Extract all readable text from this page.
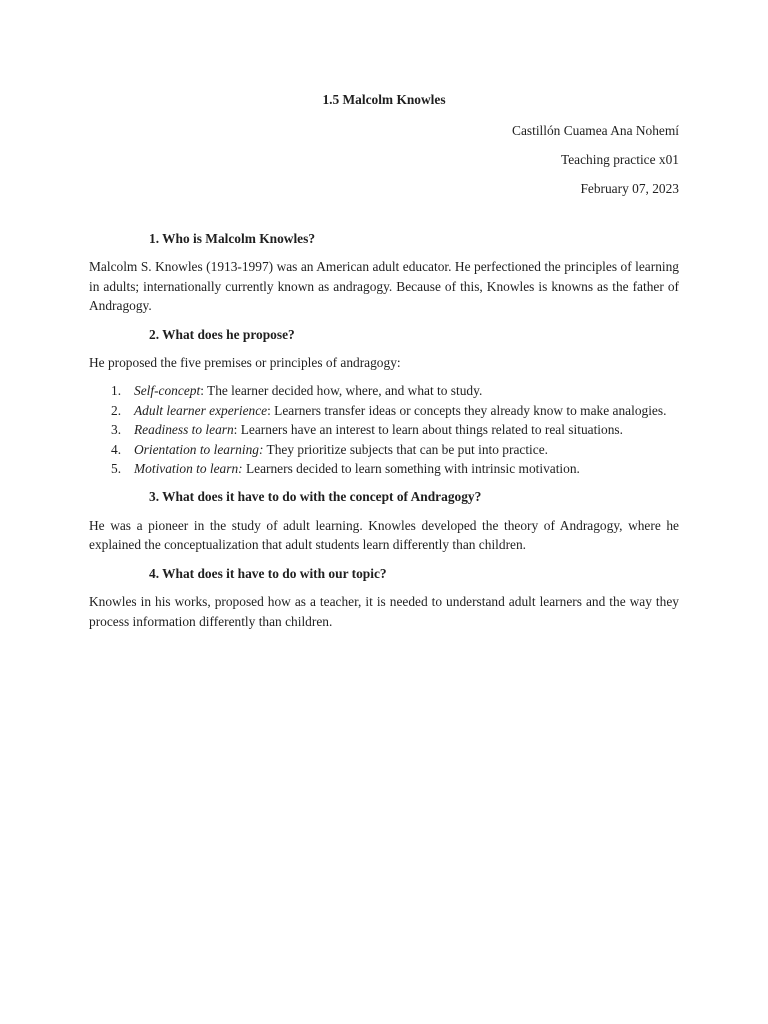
1.5 Malcolm Knowles

Castillón Cuamea Ana Nohemí

Teaching practice x01

February 07, 2023

1. Who is Malcolm Knowles?

Malcolm S. Knowles (1913-1997) was an American adult educator. He perfectioned the principles of learning in adults; internationally currently known as andragogy. Because of this, Knowles is knowns as the father of Andragogy.

2. What does he propose?

He proposed the five premises or principles of andragogy:

1. Self-concept: The learner decided how, where, and what to study.
2. Adult learner experience: Learners transfer ideas or concepts they already know to make analogies.
3. Readiness to learn: Learners have an interest to learn about things related to real situations.
4. Orientation to learning: They prioritize subjects that can be put into practice.
5. Motivation to learn: Learners decided to learn something with intrinsic motivation.

3. What does it have to do with the concept of Andragogy?

He was a pioneer in the study of adult learning. Knowles developed the theory of Andragogy, where he explained the conceptualization that adult students learn differently than children.

4. What does it have to do with our topic?

Knowles in his works, proposed how as a teacher, it is needed to understand adult learners and the way they process information differently than children.
